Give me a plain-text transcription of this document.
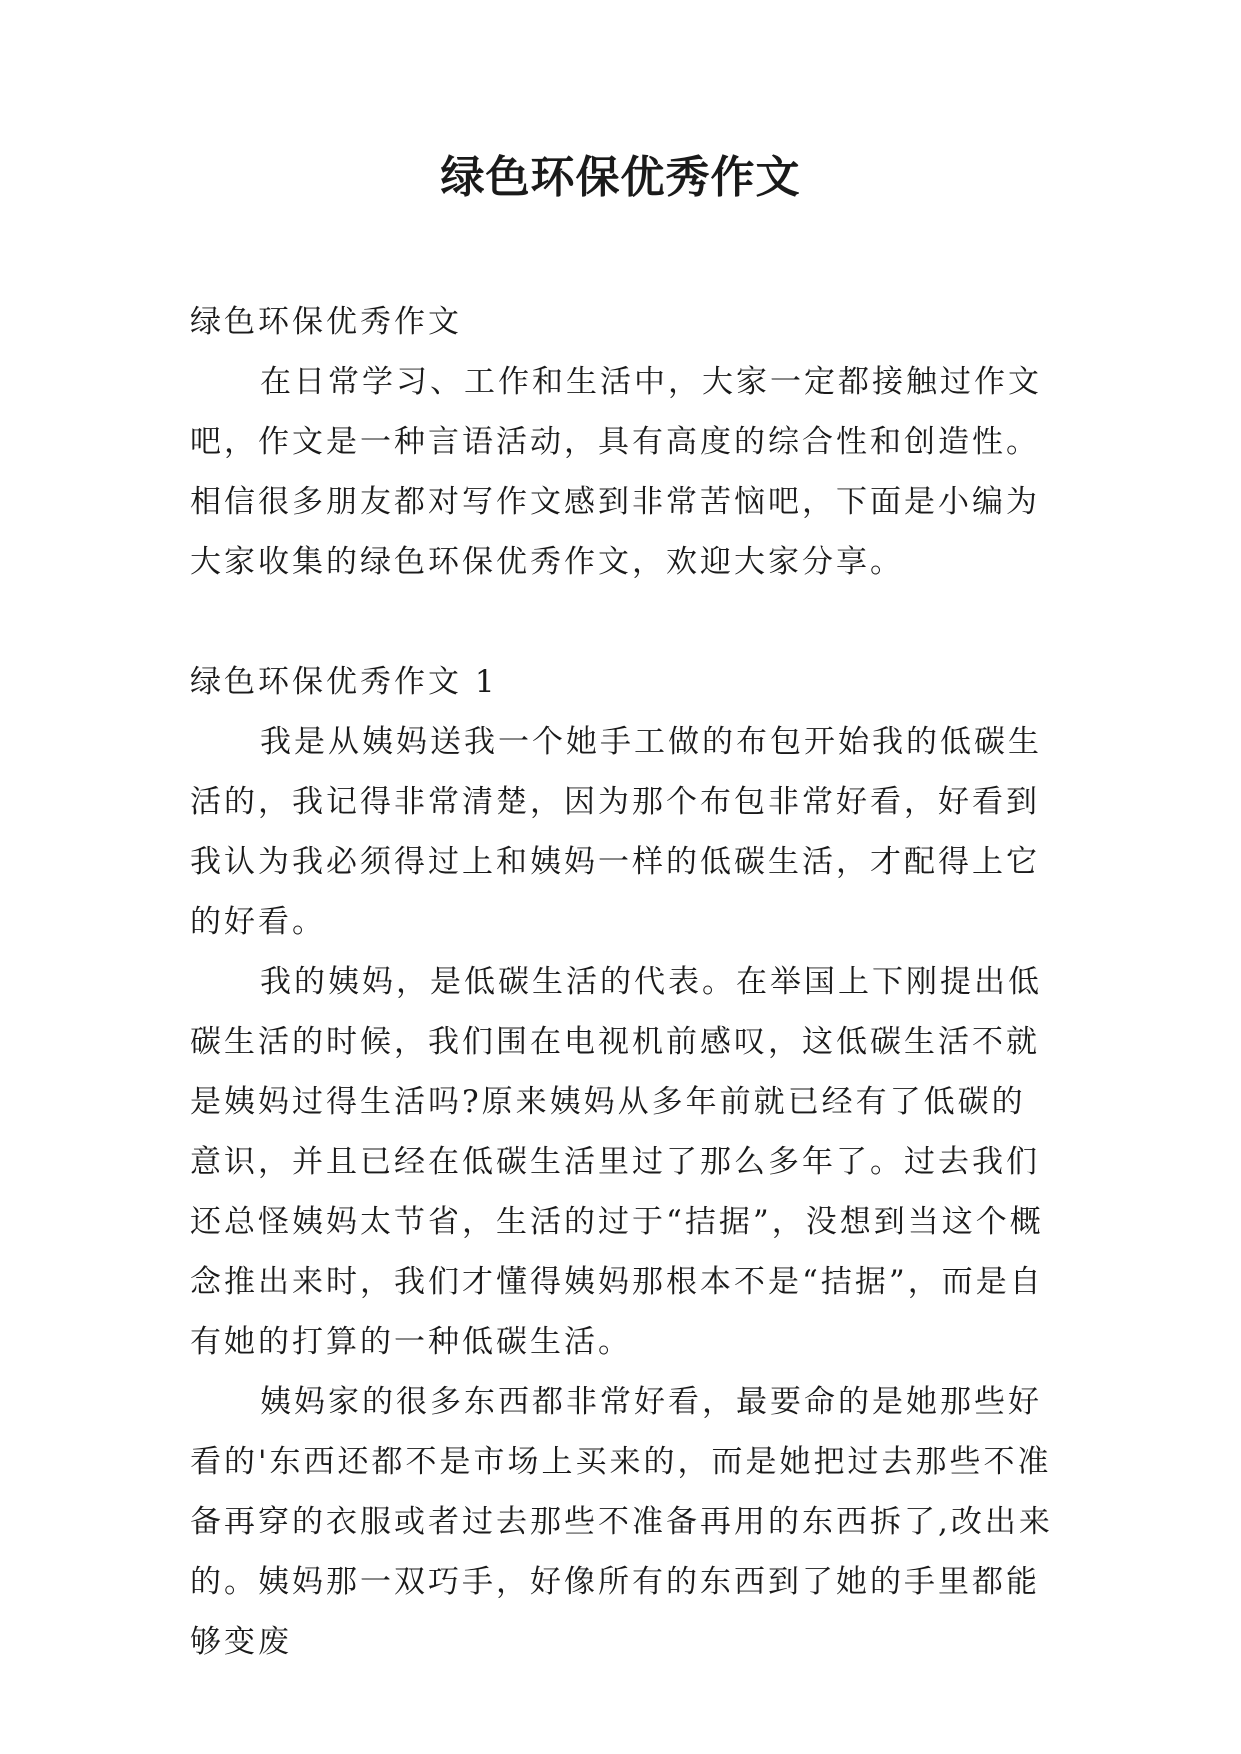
绿色环保优秀作文

绿色环保优秀作文

在日常学习、工作和生活中，大家一定都接触过作文吧，作文是一种言语活动，具有高度的综合性和创造性。相信很多朋友都对写作文感到非常苦恼吧，下面是小编为大家收集的绿色环保优秀作文，欢迎大家分享。

绿色环保优秀作文 1

我是从姨妈送我一个她手工做的布包开始我的低碳生活的，我记得非常清楚，因为那个布包非常好看，好看到我认为我必须得过上和姨妈一样的低碳生活，才配得上它的好看。

我的姨妈，是低碳生活的代表。在举国上下刚提出低碳生活的时候，我们围在电视机前感叹，这低碳生活不就是姨妈过得生活吗?原来姨妈从多年前就已经有了低碳的意识，并且已经在低碳生活里过了那么多年了。过去我们还总怪姨妈太节省，生活的过于“拮据”，没想到当这个概念推出来时，我们才懂得姨妈那根本不是“拮据”，而是自有她的打算的一种低碳生活。

姨妈家的很多东西都非常好看，最要命的是她那些好看的'东西还都不是市场上买来的，而是她把过去那些不准备再穿的衣服或者过去那些不准备再用的东西拆了,改出来的。姨妈那一双巧手，好像所有的东西到了她的手里都能够变废
